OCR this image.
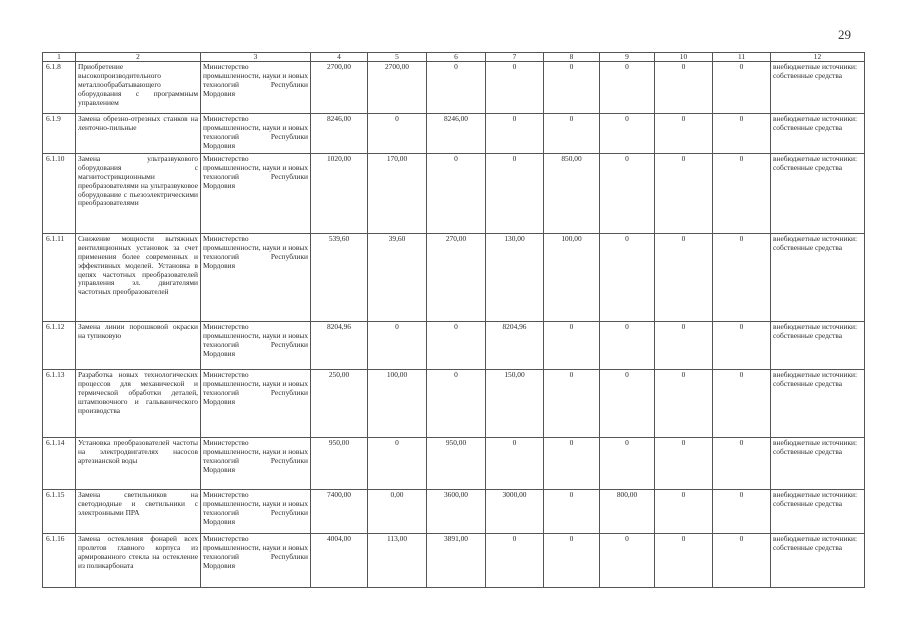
29
1	2	3	4	5	6	7	8	9	10	11	12
6.1.8	Приобретение высокопроизводительного металлообрабатывающего оборудования с программным управлением	Министерство промышленности, науки и новых технологий Республики Мордовия	2700,00	2700,00	0	0	0	0	0	0	внебюджетные источники: собственные средства
6.1.9	Замена обрезно-отрезных станков на ленточно-пильные	Министерство промышленности, науки и новых технологий Республики Мордовия	8246,00	0	8246,00	0	0	0	0	0	внебюджетные источники: собственные средства
6.1.10	Замена ультразвукового оборудования с магнитострикционными преобразователями на ультразвуковое оборудование с пьезоэлектрическими преобразователями	Министерство промышленности, науки и новых технологий Республики Мордовия	1020,00	170,00	0	0	850,00	0	0	0	внебюджетные источники: собственные средства
6.1.11	Снижение мощности вытяжных вентиляционных установок за счет применения более современных и эффективных моделей. Установка в цепях частотных преобразователей управления эл. двигателями частотных преобразователей	Министерство промышленности, науки и новых технологий Республики Мордовия	539,60	39,60	270,00	130,00	100,00	0	0	0	внебюджетные источники: собственные средства
6.1.12	Замена линии порошковой окраски на тупиковую	Министерство промышленности, науки и новых технологий Республики Мордовия	8204,96	0	0	8204,96	0	0	0	0	внебюджетные источники: собственные средства
6.1.13	Разработка новых технологических процессов для механической и термической обработки деталей, штамповочного и гальванического производства	Министерство промышленности, науки и новых технологий Республики Мордовия	250,00	100,00	0	150,00	0	0	0	0	внебюджетные источники: собственные средства
6.1.14	Установка преобразователей частоты на электродвигателях насосов артезианской воды	Министерство промышленности, науки и новых технологий Республики Мордовия	950,00	0	950,00	0	0	0	0	0	внебюджетные источники: собственные средства
6.1.15	Замена светильников на светодиодные и светильники с электронными ПРА	Министерство промышленности, науки и новых технологий Республики Мордовия	7400,00	0,00	3600,00	3000,00	0	800,00	0	0	внебюджетные источники: собственные средства
6.1.16	Замена остекления фонарей всех пролетов главного корпуса из армированного стекла на остекление из поликарбоната	Министерство промышленности, науки и новых технологий Республики Мордовия	4004,00	113,00	3891,00	0	0	0	0	0	внебюджетные источники: собственные средства
